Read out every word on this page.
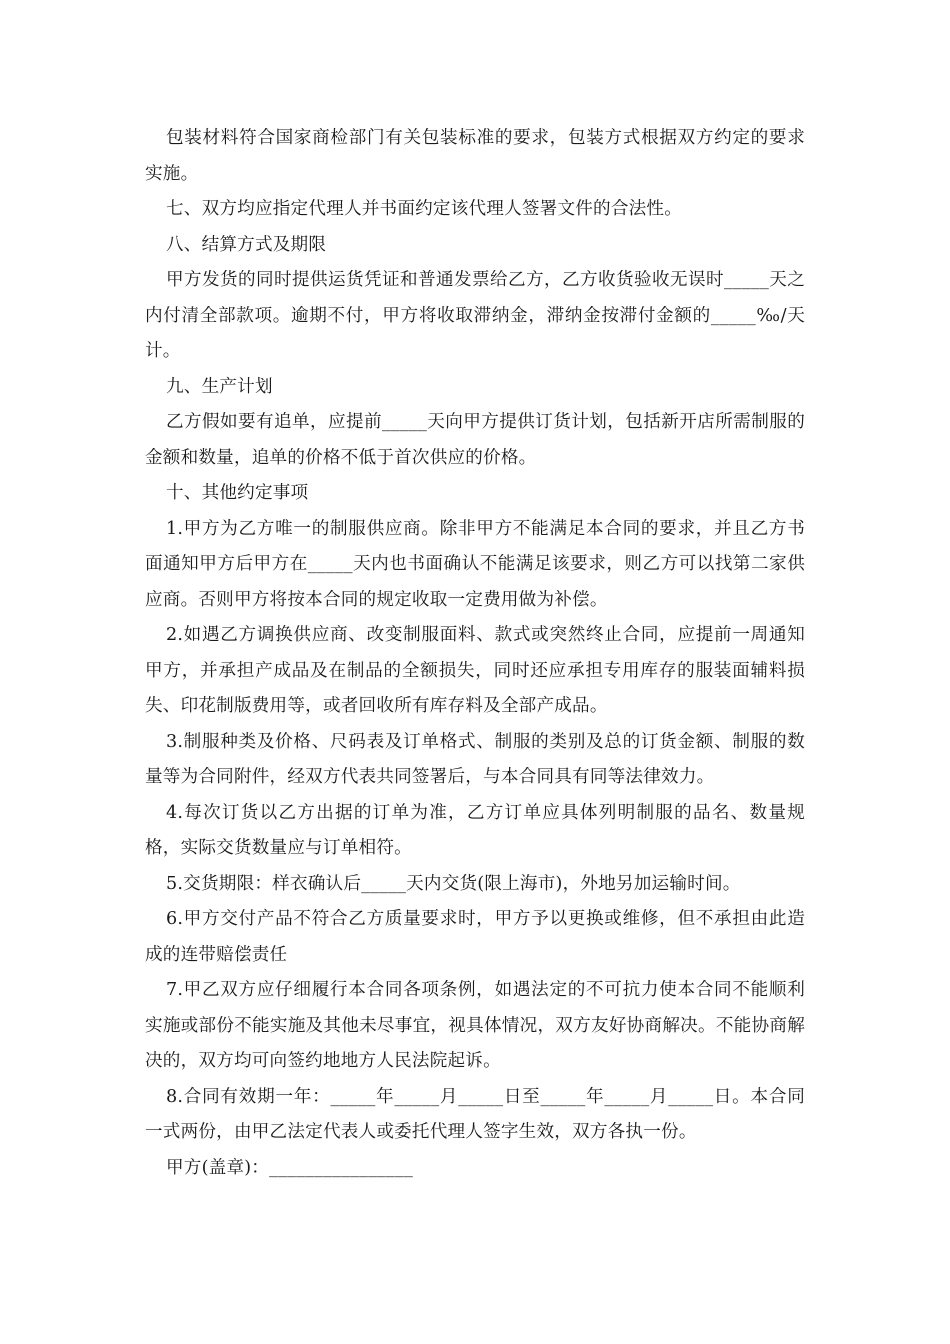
包装材料符合国家商检部门有关包装标准的要求，包装方式根据双方约定的要求实施。

七、双方均应指定代理人并书面约定该代理人签署文件的合法性。

八、结算方式及期限

甲方发货的同时提供运货凭证和普通发票给乙方，乙方收货验收无误时_____天之内付清全部款项。逾期不付，甲方将收取滞纳金，滞纳金按滞付金额的_____‰/天计。

九、生产计划

乙方假如要有追单，应提前_____天向甲方提供订货计划，包括新开店所需制服的金额和数量，追单的价格不低于首次供应的价格。

十、其他约定事项

1.甲方为乙方唯一的制服供应商。除非甲方不能满足本合同的要求，并且乙方书面通知甲方后甲方在_____天内也书面确认不能满足该要求，则乙方可以找第二家供应商。否则甲方将按本合同的规定收取一定费用做为补偿。

2.如遇乙方调换供应商、改变制服面料、款式或突然终止合同，应提前一周通知甲方，并承担产成品及在制品的全额损失，同时还应承担专用库存的服装面辅料损失、印花制版费用等，或者回收所有库存料及全部产成品。

3.制服种类及价格、尺码表及订单格式、制服的类别及总的订货金额、制服的数量等为合同附件，经双方代表共同签署后，与本合同具有同等法律效力。

4.每次订货以乙方出据的订单为准，乙方订单应具体列明制服的品名、数量规格，实际交货数量应与订单相符。

5.交货期限：样衣确认后_____天内交货(限上海市)，外地另加运输时间。

6.甲方交付产品不符合乙方质量要求时，甲方予以更换或维修，但不承担由此造成的连带赔偿责任

7.甲乙双方应仔细履行本合同各项条例，如遇法定的不可抗力使本合同不能顺利实施或部份不能实施及其他未尽事宜，视具体情况，双方友好协商解决。不能协商解决的，双方均可向签约地地方人民法院起诉。

8.合同有效期一年：_____年_____月_____日至_____年_____月_____日。本合同一式两份，由甲乙法定代表人或委托代理人签字生效，双方各执一份。

甲方(盖章)：________________
